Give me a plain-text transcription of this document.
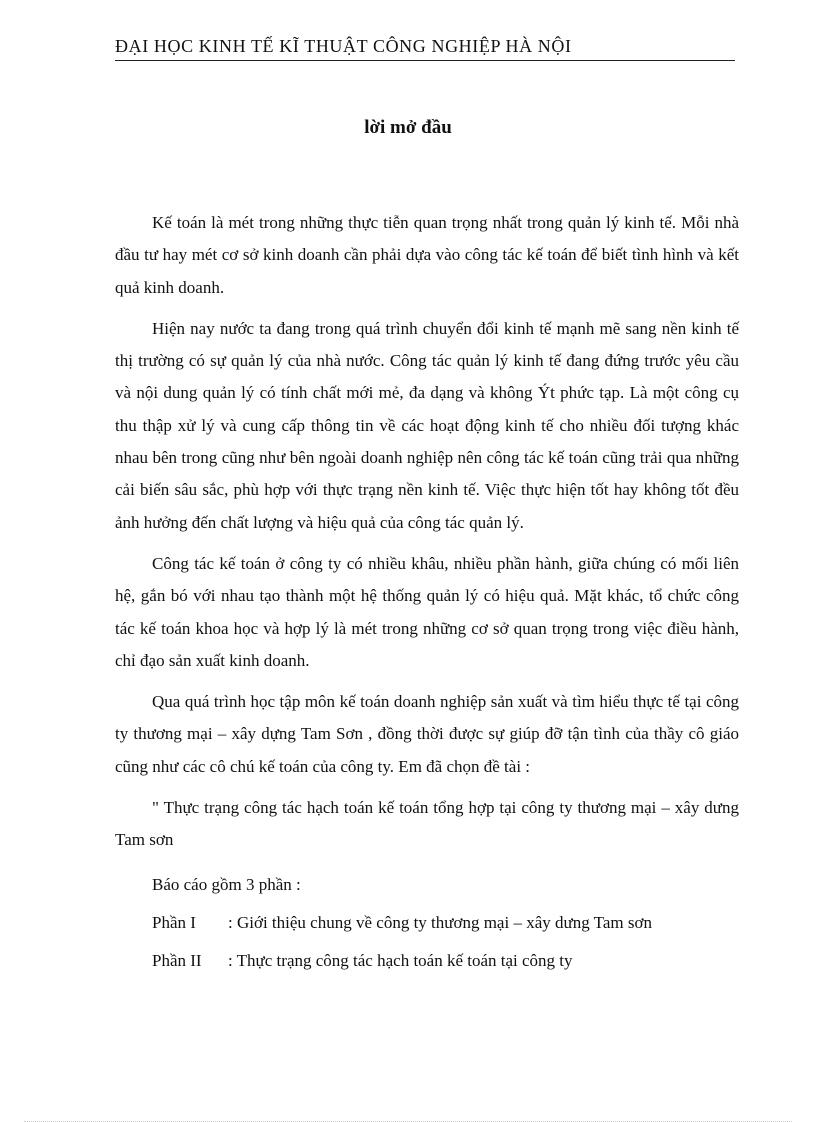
ĐẠI HỌC KINH TẾ KĨ THUẬT CÔNG NGHIỆP HÀ NỘI
lời mở đầu

Kế toán là mét trong những thực tiễn quan trọng nhất trong quản lý kinh tế. Mỗi nhà đầu tư hay mét cơ sở kinh doanh cần phải dựa vào công tác kế toán để biết tình hình và kết quả kinh doanh.

Hiện nay nước ta đang trong quá trình chuyển đổi kinh tế mạnh mẽ sang nền kinh tế thị trường có sự quản lý của nhà nước. Công tác quản lý kinh tế đang đứng trước yêu cầu và nội dung quản lý có tính chất mới mẻ, đa dạng và không Ýt phức tạp. Là một công cụ thu thập xử lý và cung cấp thông tin về các hoạt động kinh tế cho nhiều đối tượng khác nhau bên trong cũng như bên ngoài doanh nghiệp nên công tác kế toán cũng trải qua những cải biến sâu sắc, phù hợp với thực trạng nền kinh tế. Việc thực hiện tốt hay không tốt đều ảnh hưởng đến chất lượng và hiệu quả của công tác quản lý.

Công tác kế toán ở công ty có nhiều khâu, nhiều phần hành, giữa chúng có mối liên hệ, gắn bó với nhau tạo thành một hệ thống quản lý có hiệu quả. Mặt khác, tổ chức công tác kế toán khoa học và hợp lý là mét trong những cơ sở quan trọng trong việc điều hành, chỉ đạo sản xuất kinh doanh.

Qua quá trình học tập môn kế toán doanh nghiệp sản xuất và tìm hiểu thực tế tại công ty thương mại – xây dựng Tam Sơn , đồng thời được sự giúp đỡ tận tình của thầy cô giáo cũng như các cô chú kế toán của công ty. Em đã chọn đề tài :

" Thực trạng công tác hạch toán kế toán tổng hợp tại công ty thương mại – xây dưng Tam sơn

Báo cáo gồm 3 phần :
Phần I : Giới thiệu chung về công ty thương mại – xây dưng Tam sơn
Phần II : Thực trạng công tác hạch toán kế toán tại công ty
